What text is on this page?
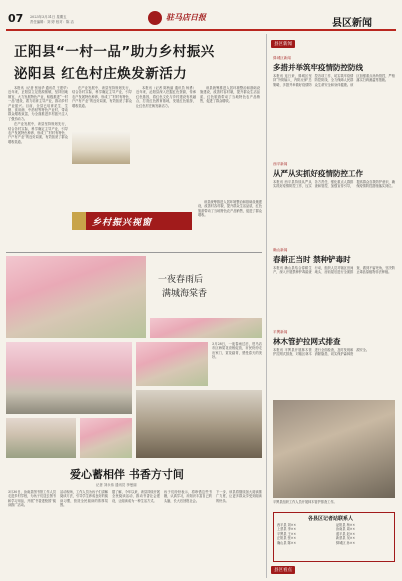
07 2023年3月31日 星期五
责任编辑：刘 婷 校对：陈 洁	驻马店日报
县区新闻
正阳县“一村一品”助力乡村振兴
泌阳县 红色村庄焕发新活力

本报讯（记者 张冠华 通讯员 王建华）近年来，正阳县立足资源禀赋，坚持因地制宜，大力发展特色产业，积极推进“一村一品”建设，着力培育主导产业，推动乡村产业振兴。目前，全县已培育花生、生猪、食用菌、中药材等特色产业村，带动群众增收致富，为全面推进乡村振兴注入了强劲动力。

在产业发展中，该县坚持规划先行，结合各村实际，科学确定主导产业，引导农户发展特色种养，形成了“村村有特色、户户有产业”的良好局面，有效拓宽了群众增收渠道。

在产业发展中，该县坚持规划先行，结合各村实际，科学确定主导产业，引导农户发展特色种养，形成了“村村有特色、户户有产业”的良好局面，有效拓宽了群众增收渠道。

本报讯（记者 陈秋丽 通讯员 杨勇）近年来，泌阳县深入挖掘红色资源，传承红色基因，将红色文化与乡村建设有机融合，打造红色教育基地，发展红色旅游，让红色村庄焕发新活力。

该县统筹推进人居环境整治和基础设施建设，改善村容村貌，提升群众生活品质，红色旅游带动了当地特色农产品销售，促进了群众增收。

乡村振兴视窗

该县统筹推进人居环境整治和基础设施建设，改善村容村貌，提升群众生活品质，红色旅游带动了当地特色农产品销售，促进了群众增收。

一夜春雨后
满城海棠香
3月28日，一夜春雨过后，驻马店市区海棠花竞相绽放，市民纷纷走出家门，赏花踏青，感受春天的美好。
爱心蓄相伴 书香方寸间
记者 刘永伟 通讯员 李曼丽
3月30日，汝南县图书馆工作人员走进乡村学校，为孩子们送去图书和学习用品，开展“书香进校园”阅读推广活动。
活动现场，工作人员为孩子们讲解阅读方法，引导学生养成良好的阅读习惯，营造全民阅读的浓厚氛围。
据了解，今年以来，该县持续开展全民阅读活动，推动书香社会建设，让阅读成为一种生活方式。
孩子们纷纷表示，将珍惜这些书籍，认真学习，用知识丰富自己的头脑，长大后回报社会。
下一步，该县将继续加大阅读推广力度，让更多群众享受到阅读的快乐。
县区新闻
驿城区新闻
多措并举筑牢疫情防控防线
本报讯 连日来，驿城区坚持“外防输入、内防反弹”总策略，多措并举做好疫情防控各项工作，切实筑牢疫情防控防线，全力保障人民群众生命安全和身体健康。该区加强重点场所管控，严格落实扫码测温等措施。
西平新闻
从严从实抓好疫情防控工作
本报讯 西平县持续从严从实抓好疫情防控工作，压实各方责任，强化重点人群排查和管控，加强宣传引导，提高群众自我防护意识，确保疫情防控措施落实到位。
确山新闻
春耕正当时 禁种铲毒时
本报讯 确山县结合春耕生产，深入开展禁种铲毒踏查行动，组织人员对辖区田间地头、房前屋后进行全面排查，做到不留死角，坚决防止毒品原植物非法种植。
平舆新闻
林木管护拉网式排查
本报讯 平舆县开展林木管护拉网式排查，对辖区林木进行全面检查，及时发现和消除隐患，切实保护森林资源安全。
平舆县组织工作人员开展林木管护排查工作。
各县区记者站联系人
西平县 刘××
上蔡县 李××
平舆县 王××
正阳县 张××
确山县 陈××
泌阳县 杨××
汝南县 周××
遂平县 赵××
新蔡县 吴××
驿城区 孙××
县区看点
